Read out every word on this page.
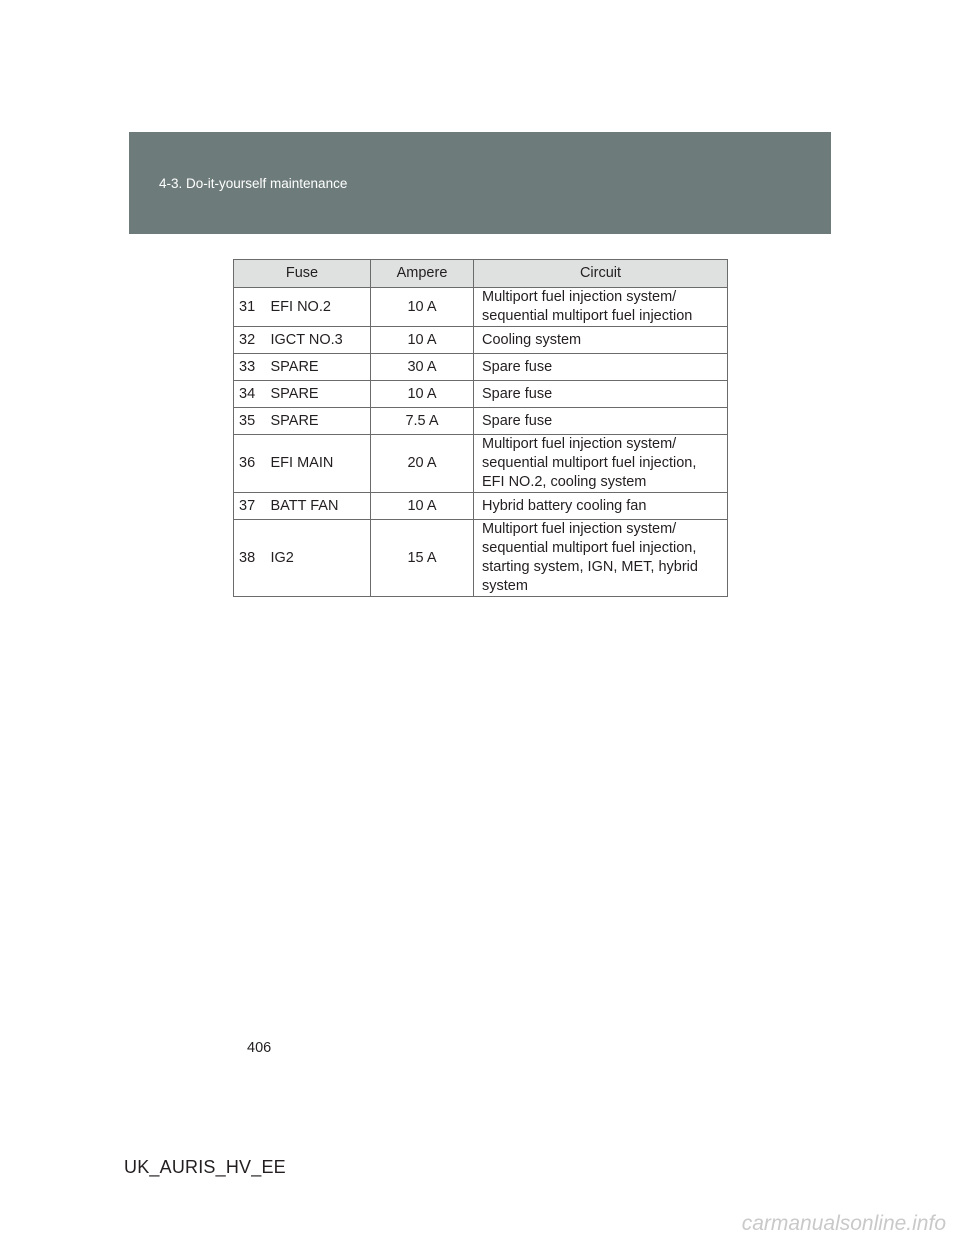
4-3. Do-it-yourself maintenance
Fuse		Ampere	Circuit
31	EFI NO.2	10 A	Multiport fuel injection system/
sequential multiport fuel injection

32	IGCT NO.3	10 A	Cooling system

33	SPARE	30 A	Spare fuse

34	SPARE	10 A	Spare fuse

35	SPARE	7.5 A	Spare fuse

36	EFI MAIN	20 A	Multiport fuel injection system/
sequential multiport fuel injection,
EFI NO.2, cooling system

37	BATT FAN	10 A	Hybrid battery cooling fan

38	IG2	15 A	Multiport fuel injection system/
sequential multiport fuel injection,
starting system, IGN, MET, hybrid
system
406
UK_AURIS_HV_EE
carmanualsonline.info
